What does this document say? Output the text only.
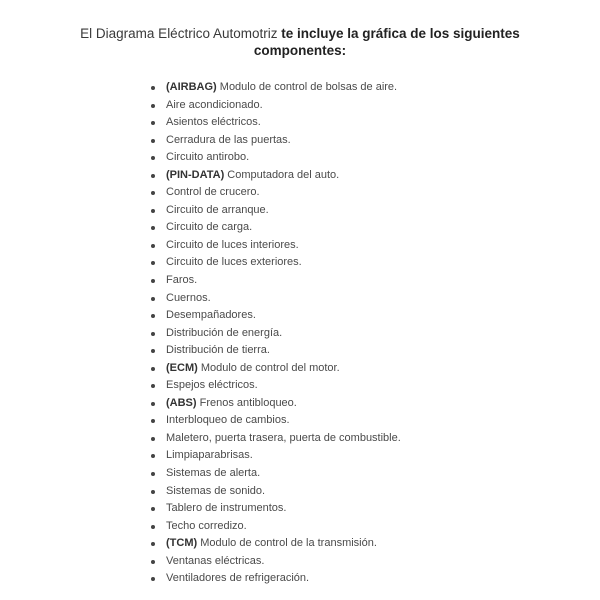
El Diagrama Eléctrico Automotriz te incluye la gráfica de los siguientes
componentes:
(AIRBAG) Modulo de control de bolsas de aire.
Aire acondicionado.
Asientos eléctricos.
Cerradura de las puertas.
Circuito antirobo.
(PIN-DATA) Computadora del auto.
Control de crucero.
Circuito de arranque.
Circuito de carga.
Circuito de luces interiores.
Circuito de luces exteriores.
Faros.
Cuernos.
Desempañadores.
Distribución de energía.
Distribución de tierra.
(ECM) Modulo de control del motor.
Espejos eléctricos.
(ABS) Frenos antibloqueo.
Interbloqueo de cambios.
Maletero, puerta trasera, puerta de combustible.
Limpiaparabrisas.
Sistemas de alerta.
Sistemas de sonido.
Tablero de instrumentos.
Techo corredizo.
(TCM) Modulo de control de la transmisión.
Ventanas eléctricas.
Ventiladores de refrigeración.
